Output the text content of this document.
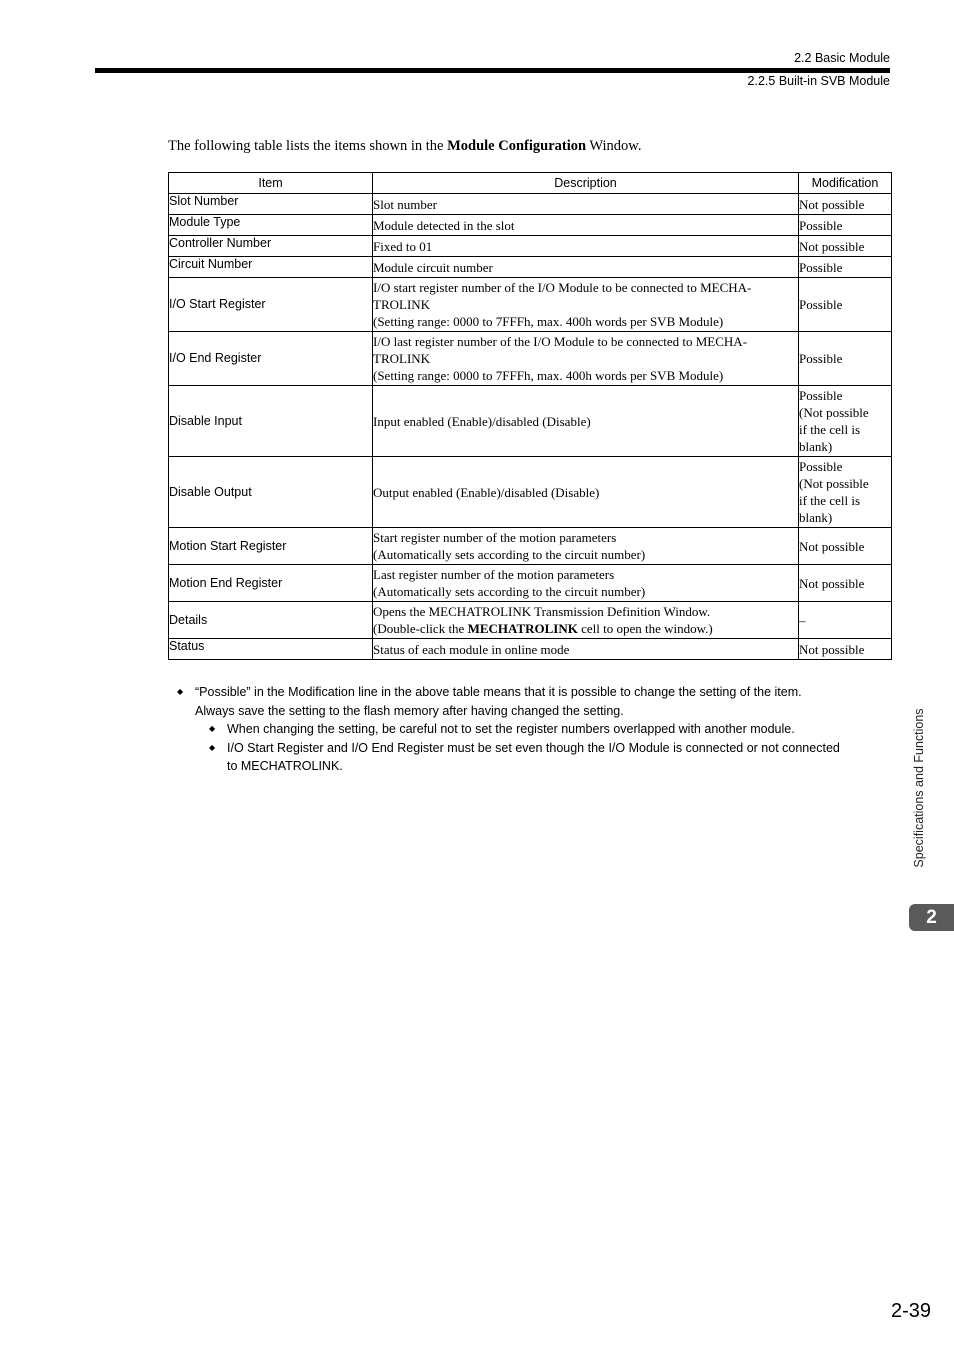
2.2 Basic Module
2.2.5 Built-in SVB Module
The following table lists the items shown in the Module Configuration Window.
Item	Description	Modification
Slot Number	Slot number	Not possible
Module Type	Module detected in the slot	Possible
Controller Number	Fixed to 01	Not possible
Circuit Number	Module circuit number	Possible
I/O Start Register	I/O start register number of the I/O Module to be connected to MECHA-
TROLINK
(Setting range: 0000 to 7FFFh, max. 400h words per SVB Module)	Possible
I/O End Register	I/O last register number of the I/O Module to be connected to MECHA-
TROLINK
(Setting range: 0000 to 7FFFh, max. 400h words per SVB Module)	Possible
Disable Input	Input enabled (Enable)/disabled (Disable)	Possible
(Not possible
if the cell is
blank)

Disable Output	Output enabled (Enable)/disabled (Disable)	Possible
(Not possible
if the cell is
blank)

Motion Start Register	Start register number of the motion parameters
(Automatically sets according to the circuit number)	Not possible
Motion End Register	Last register number of the motion parameters
(Automatically sets according to the circuit number)	Not possible
Details	Opens the MECHATROLINK Transmission Definition Window.
(Double-click the MECHATROLINK cell to open the window.)	–
Status	Status of each module in online mode	Not possible
◆ “Possible” in the Modification line in the above table means that it is possible to change the setting of the item.
Always save the setting to the flash memory after having changed the setting.
◆ When changing the setting, be careful not to set the register numbers overlapped with another module.
◆ I/O Start Register and I/O End Register must be set even though the I/O Module is connected or not connected
to MECHATROLINK.	Specifications and Functions
2
2-39
